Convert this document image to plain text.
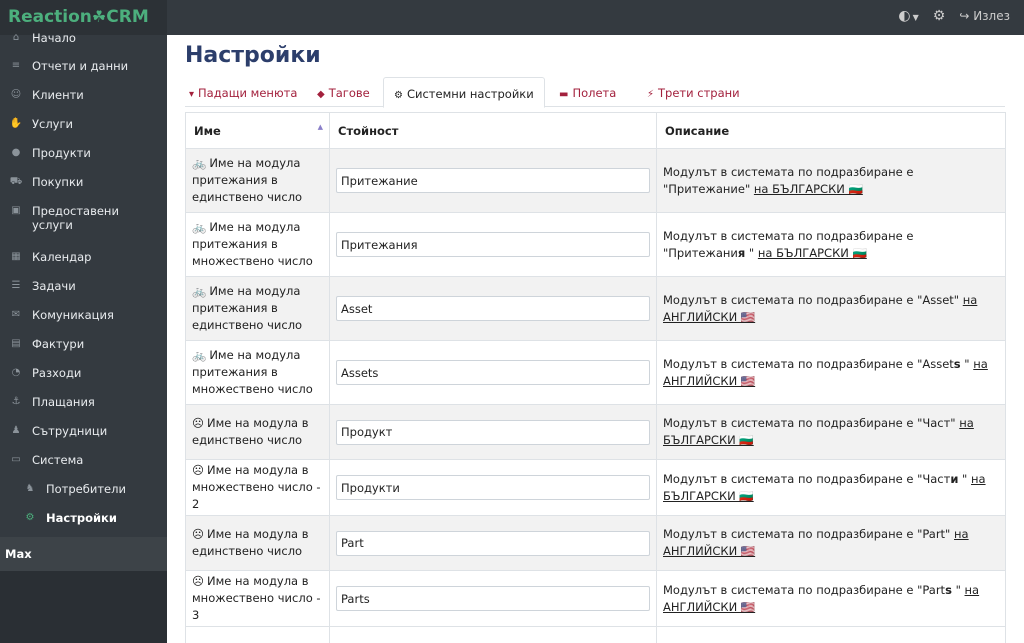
Reaction☘CRM	◐ ▼ ⚙ ↪ Излез
⌂	Начало
≡	Отчети и данни
☺ Клиенти
✋ Услуги
●	Продукти
⛟ Покупки
▣ Предоставени услуги
▦ Календар
☰	Задачи
✉	Комуникация
▤ Фактури
◔	Разходи
⚓	Плащания
♟	Сътрудници
▭ Система
♞	Потребители
⚙	Настройки
Max
Настройки
▾ Падащи менюта ◆ Тагове	⚙ Системни настройки	▬ Полета	⚡ Трети страни
Име ▲	Стойност	Описание
🚲 Име на модула притежания в единствено число	Притежание	Модулът в системата по подразбиране е "Притежание" на БЪЛГАРСКИ 🇧🇬
🚲 Име на модула притежания в множествено число	Притежания	Модулът в системата по подразбиране е "Притежания " на БЪЛГАРСКИ 🇧🇬
🚲 Име на модула притежания в единствено число	Asset	Модулът в системата по подразбиране е "Asset" на АНГЛИЙСКИ 🇺🇸
🚲 Име на модула притежания в множествено число	Assets	Модулът в системата по подразбиране е "Assets " на АНГЛИЙСКИ 🇺🇸
☹ Име на модула в единствено число	Продукт	Модулът в системата по подразбиране е "Част" на БЪЛГАРСКИ 🇧🇬
☹ Име на модула в множествено число - 2	Продукти	Модулът в системата по подразбиране е "Части " на БЪЛГАРСКИ 🇧🇬
☹ Име на модула в единствено число	Part	Модулът в системата по подразбиране е "Part" на АНГЛИЙСКИ 🇺🇸
☹ Име на модула в множествено число - 3	Parts	Модулът в системата по подразбиране е "Parts " на АНГЛИЙСКИ 🇺🇸
